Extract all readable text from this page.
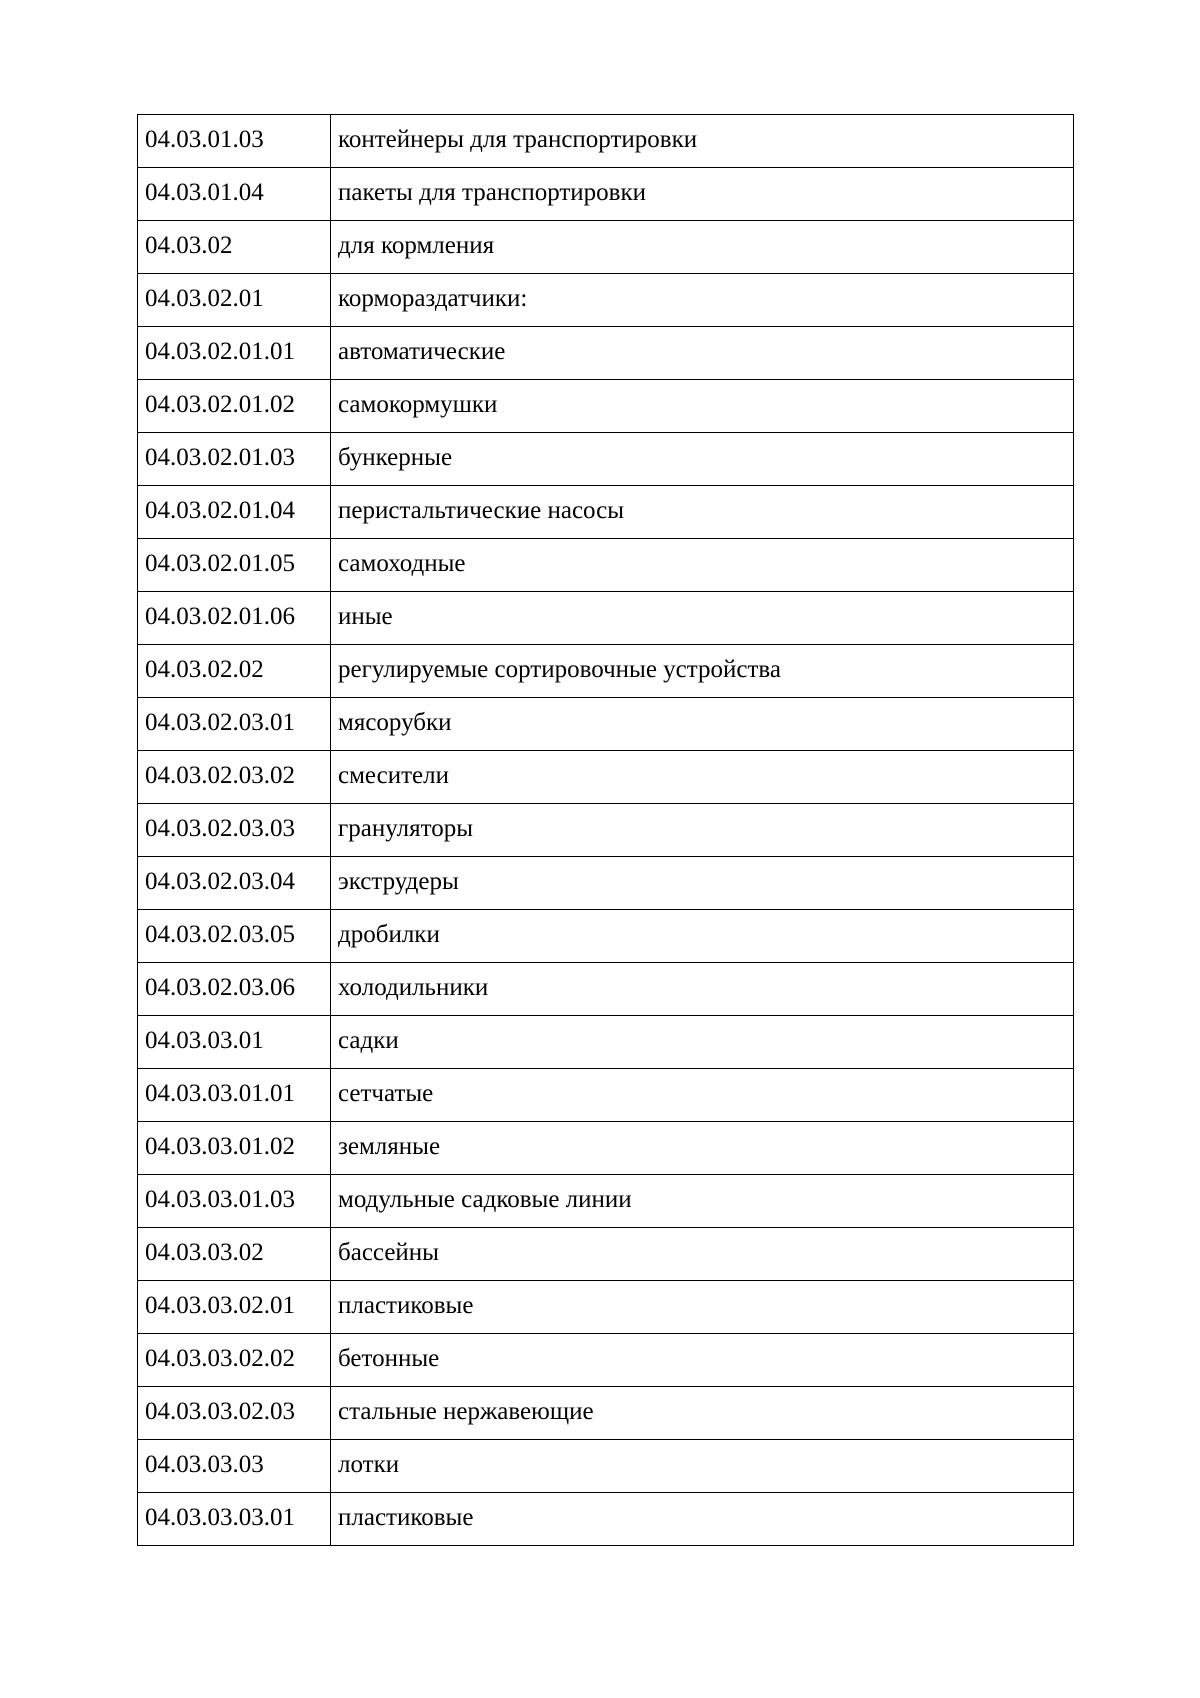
04.03.01.03	контейнеры для транспортировки
04.03.01.04	пакеты для транспортировки
04.03.02	для кормления
04.03.02.01	кормораздатчики:
04.03.02.01.01	автоматические
04.03.02.01.02	самокормушки
04.03.02.01.03	бункерные
04.03.02.01.04	перистальтические насосы
04.03.02.01.05	самоходные
04.03.02.01.06	иные
04.03.02.02	регулируемые сортировочные устройства
04.03.02.03.01	мясорубки
04.03.02.03.02	смесители
04.03.02.03.03	грануляторы
04.03.02.03.04	экструдеры
04.03.02.03.05	дробилки
04.03.02.03.06	холодильники
04.03.03.01	садки
04.03.03.01.01	сетчатые
04.03.03.01.02	земляные
04.03.03.01.03	модульные садковые линии
04.03.03.02	бассейны
04.03.03.02.01	пластиковые
04.03.03.02.02	бетонные
04.03.03.02.03	стальные нержавеющие
04.03.03.03	лотки
04.03.03.03.01	пластиковые
